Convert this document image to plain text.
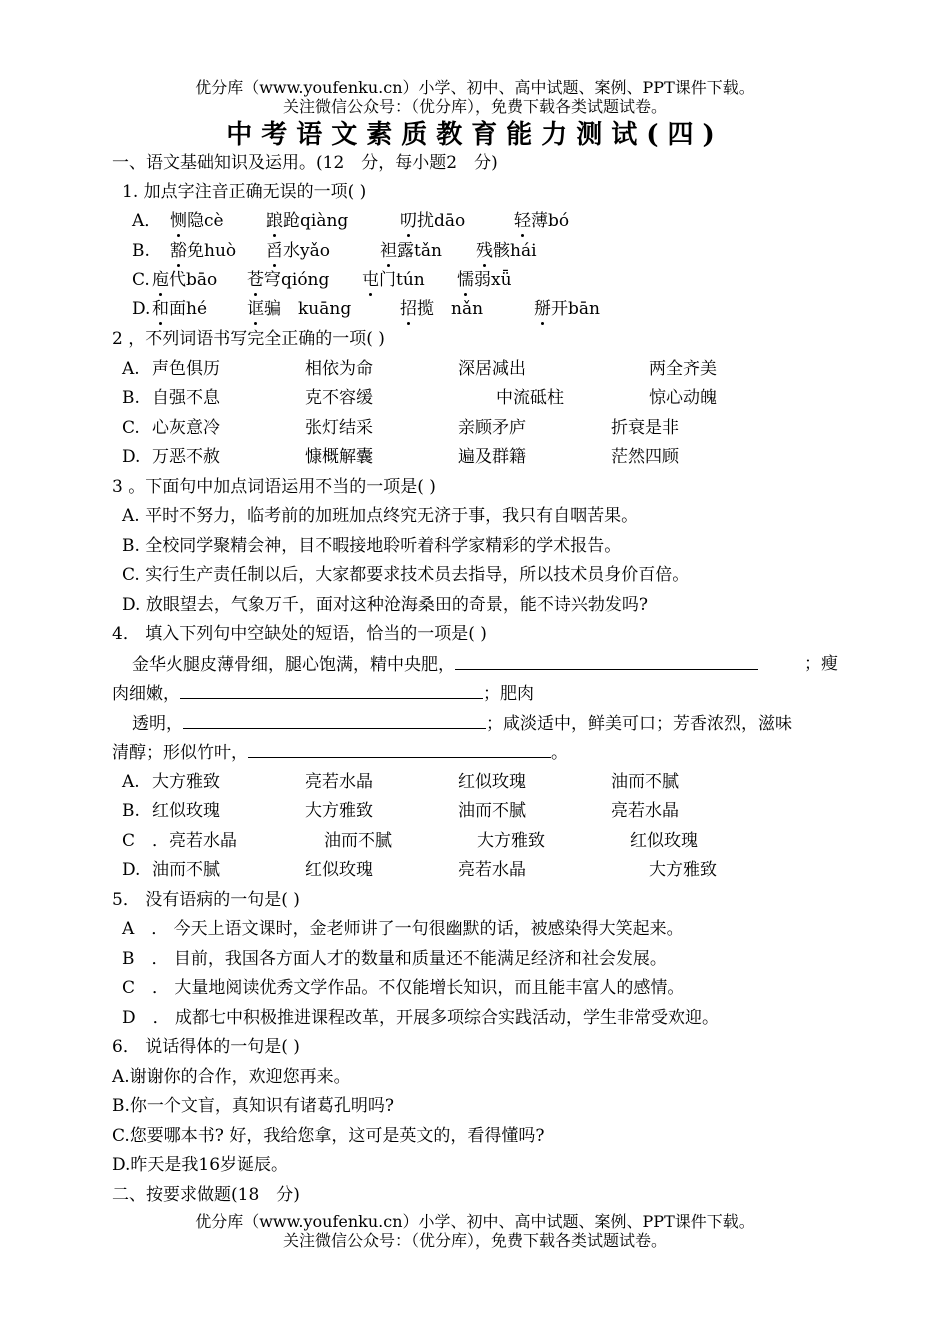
优分库（www.youfenku.cn）小学、初中、高中试题、案例、PPT课件下载。
关注微信公众号：（优分库），免费下载各类试题试卷。
中考语文素质教育能力测试(四)
一、语文基础知识及运用。(12　分，每小题2　分)
1. 加点字注音正确无误的一项( )
A． 恻隐cè 踉跄qiàng	叨扰dāo	轻薄bó
B. 豁免huò 舀水yǎo	袒露tǎn 残骸hái
C. 庖代bāo 苍穹qióng 屯门tún 懦弱xǖ
D. 和面hé 诓骗　kuāng	招揽　nǎn	掰开bān
2 ，不列词语书写完全正确的一项( )
A. 声色俱历	相依为命	深居减出	两全齐美
B. 自强不息	克不容缓	中流砥柱	惊心动魄
C. 心灰意冷	张灯结采	亲顾矛庐	折衰是非
D. 万恶不赦	慷概解囊	遍及群籍	茫然四顾
3 。下面句中加点词语运用不当的一项是( )
A. 平时不努力，临考前的加班加点终究无济于事，我只有自咽苦果。
B. 全校同学聚精会神，目不暇接地聆听着科学家精彩的学术报告。
C. 实行生产责任制以后，大家都要求技术员去指导，所以技术员身价百倍。
D. 放眼望去，气象万千，面对这种沧海桑田的奇景，能不诗兴勃发吗?
4． 填入下列句中空缺处的短语，恰当的一项是( )
金华火腿皮薄骨细，腿心饱满，精中央肥，	；瘦
肉细嫩，	；肥肉
透明，	；咸淡适中，鲜美可口；芳香浓烈，滋味
清醇；形似竹叶，	。
A. 大方雅致	亮若水晶	红似玫瑰	油而不腻
B. 红似玫瑰	大方雅致	油而不腻	亮若水晶
C　． 亮若水晶	油而不腻	大方雅致	红似玫瑰
D. 油而不腻	红似玫瑰	亮若水晶	大方雅致
5． 没有语病的一句是( )
A　． 今天上语文课时，金老师讲了一句很幽默的话，被感染得大笑起来。
B　． 目前，我国各方面人才的数量和质量还不能满足经济和社会发展。
C　． 大量地阅读优秀文学作品。不仅能增长知识，而且能丰富人的感情。
D　． 成都七中积极推进课程改革，开展多项综合实践活动，学生非常受欢迎。
6． 说话得体的一句是( )
A.谢谢你的合作，欢迎您再来。
B.你一个文盲，真知识有诸葛孔明吗?
C.您要哪本书? 好，我给您拿，这可是英文的，看得懂吗?
D.昨天是我16岁诞辰。
二、按要求做题(18　分)
优分库（www.youfenku.cn）小学、初中、高中试题、案例、PPT课件下载。
关注微信公众号：（优分库），免费下载各类试题试卷。
